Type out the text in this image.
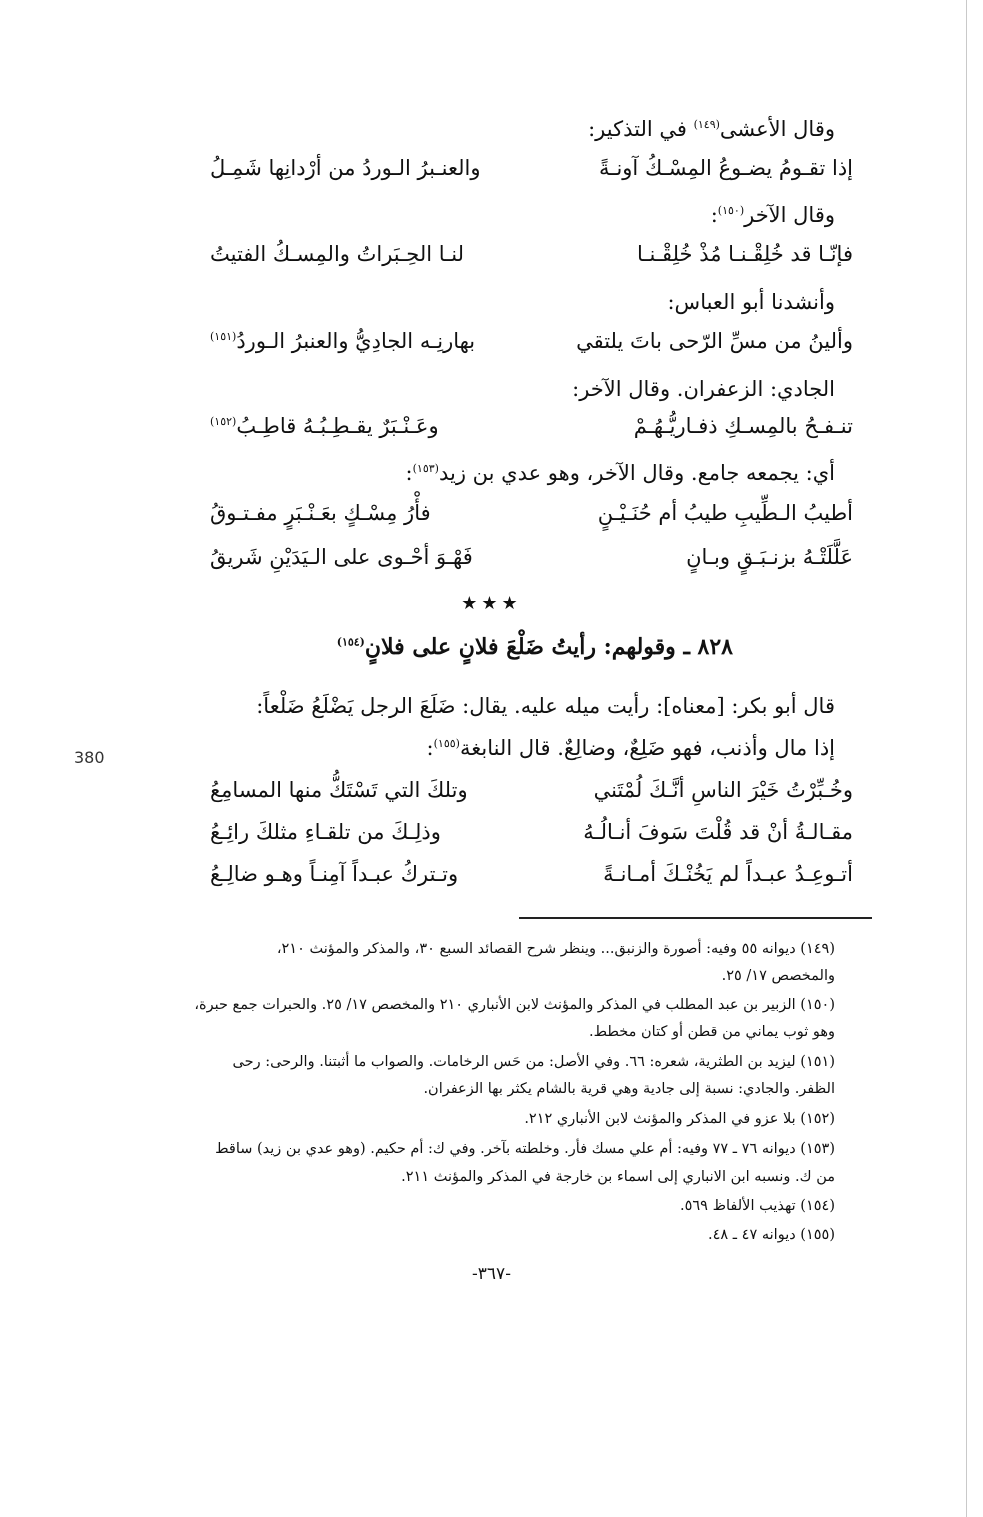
380
وقال الأعشى$^{(١٤٩)}$ في التذكير:
وقال الآخر$^{(١٥٠)}$:
وأنشدنا أبو العباس:
الجادي: الزعفران. وقال الآخر:
أي: يجمعه جامع. وقال الآخر، وهو عدي بن زيد$^{(١٥٣)}$:
إذا تقـومُ يضـوعُ المِسْـكُ آونـةً
والعنـبرُ الـوردُ من أرْدانِها شَمِـلُ
فإنّـا قد خُلِقْـنـا مُذْ خُلِقْـنـا
لنـا الحِـبَراتُ والمِسـكُ الفتيتُ
وألينُ من مسِّ الرّحى باتَ يلتقي
بهارنِـه الجادِيُّ والعنبرُ الـوردُ$^{(١٥١)}$
تنـفـحُ بالمِسـكِ ذفـاريُّـهُـمْ
وعَـنْـبَرٌ يقـطِـبُـهُ قاطِـبُ$^{(١٥٢)}$
أطيبُ الـطِّيبِ طيبُ أم حُنَـيْـنٍ
فأْرُ مِسْـكٍ بعَـنْـبَرٍ مفـتـوقُ
عَلَّلَتْـهُ بزنـبَـقٍ وبـانٍ
فَهْـوَ أحْـوى على الـيَدَيْنِ شَريقُ
★★★
٨٢٨ ـ وقولهم: رأيتُ ضَلْعَ فلانٍ على فلانٍ$^{(١٥٤)}$
قال أبو بكر: [معناه]: رأيت ميله عليه. يقال: ضَلَعَ الرجل يَضْلَعُ ضَلْعاً:
إذا مال وأذنب، فهو ضَلِعٌ، وضالِعٌ. قال النابغة$^{(١٥٥)}$:
وخُـبِّرْتُ خَيْرَ الناسِ أنَّـكَ لُمْتَني
وتلكَ التي تَسْتَكُّ منها المسامِعُ
مقـالـةُ أنْ قد قُلْتَ سَوفَ أنـالُـهُ
وذلِـكَ من تلقـاءِ مثلكَ رائِـعُ
أتـوعِـدُ عبـداً لم يَخُنْـكَ أمـانـةً
وتـتركُ عبـداً آمِنـاً وهـو ضالِـعُ
(١٤٩) ديوانه ٥٥ وفيه: أصورة والزنبق... وينظر شرح القصائد السبع ٣٠، والمذكر والمؤنث ٢١٠،
والمخصص ١٧/ ٢٥.
(١٥٠) الزبير بن عبد المطلب في المذكر والمؤنث لابن الأنباري ٢١٠ والمخصص ١٧/ ٢٥. والحبرات جمع حبرة،
وهو ثوب يماني من قطن أو كتان مخطط.
(١٥١) ليزيد بن الطثرية، شعره: ٦٦. وفي الأصل: من حَس الرخامات. والصواب ما أثبتنا. والرحى: رحى
الظفر. والجادي: نسبة إلى جادية وهي قرية بالشام يكثر بها الزعفران.
(١٥٢) بلا عزو في المذكر والمؤنث لابن الأنباري ٢١٢.
(١٥٣) ديوانه ٧٦ ـ ٧٧ وفيه: أم علي مسك فأر. وخلطته بآخر. وفي ك: أم حكيم. (وهو عدي بن زيد) ساقط
من ك. ونسبه ابن الانباري إلى اسماء بن خارجة في المذكر والمؤنث ٢١١.
(١٥٤) تهذيب الألفاظ ٥٦٩.
(١٥٥) ديوانه ٤٧ ـ ٤٨.
-٣٦٧-
